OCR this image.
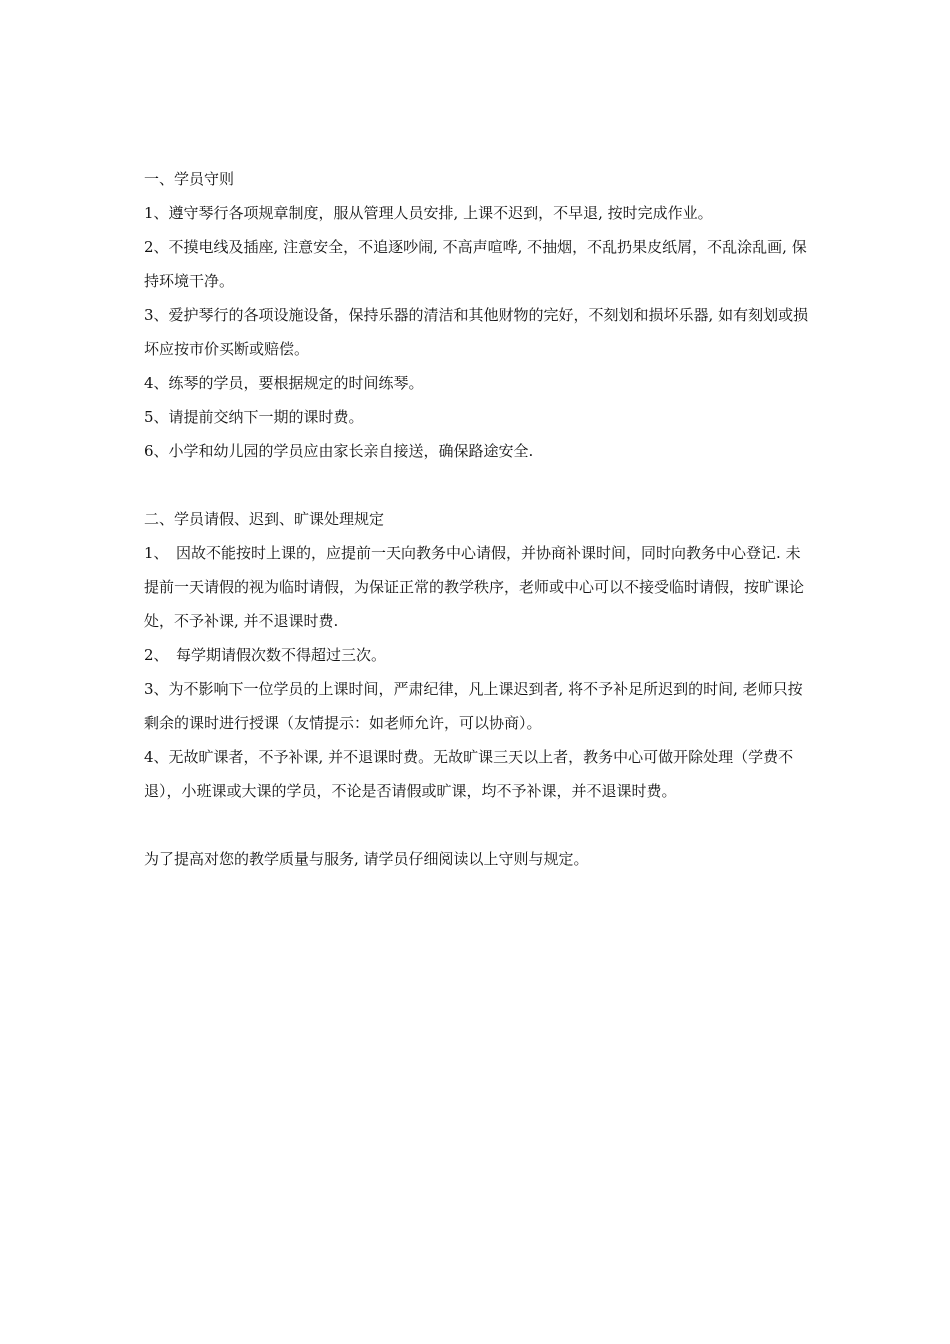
一、学员守则

1、遵守琴行各项规章制度，服从管理人员安排, 上课不迟到，不早退, 按时完成作业。

2、不摸电线及插座, 注意安全，不追逐吵闹, 不高声喧哗, 不抽烟，不乱扔果皮纸屑，不乱涂乱画, 保持环境干净。

3、爱护琴行的各项设施设备，保持乐器的清洁和其他财物的完好，不刻划和损坏乐器, 如有刻划或损坏应按市价买断或赔偿。

4、练琴的学员，要根据规定的时间练琴。

5、请提前交纳下一期的课时费。

6、小学和幼儿园的学员应由家长亲自接送，确保路途安全.

二、学员请假、迟到、旷课处理规定

1、　因故不能按时上课的，应提前一天向教务中心请假，并协商补课时间，同时向教务中心登记. 未提前一天请假的视为临时请假，为保证正常的教学秩序，老师或中心可以不接受临时请假，按旷课论处，不予补课, 并不退课时费.

2、　每学期请假次数不得超过三次。

3、为不影响下一位学员的上课时间，严肃纪律，凡上课迟到者, 将不予补足所迟到的时间, 老师只按剩余的课时进行授课（友情提示：如老师允许，可以协商）。

4、无故旷课者，不予补课, 并不退课时费。无故旷课三天以上者，教务中心可做开除处理（学费不退），小班课或大课的学员，不论是否请假或旷课，均不予补课，并不退课时费。

为了提高对您的教学质量与服务, 请学员仔细阅读以上守则与规定。
